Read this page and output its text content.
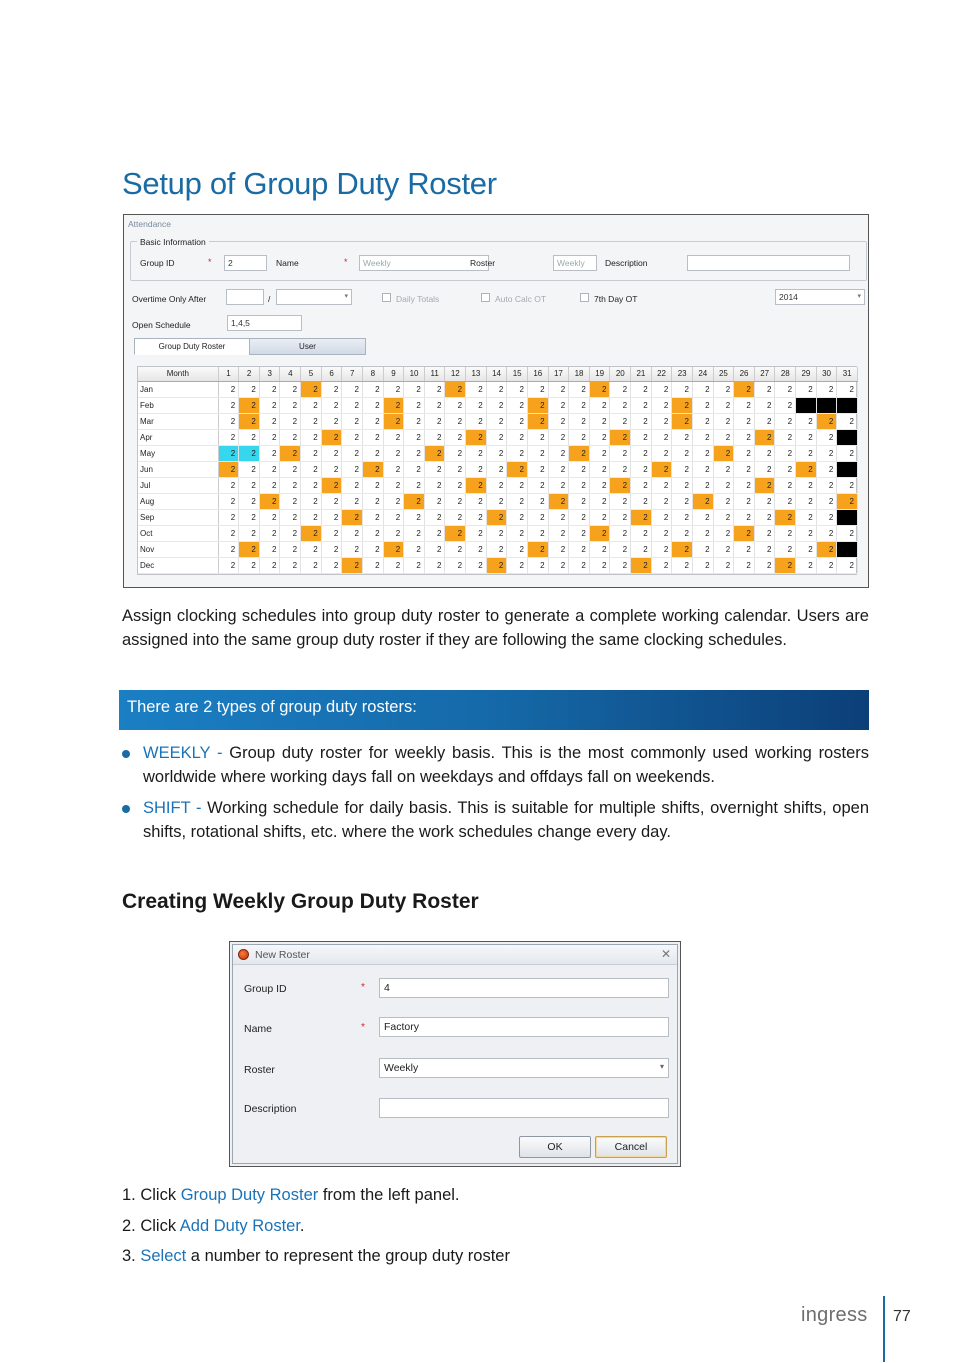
Setup of Group Duty Roster
Attendance
Basic Information
Group ID	*	2	Name	*	Weekly	Roster	Weekly	Description
Overtime Only After	/ ▾	Daily Totals	Auto Calc OT	7th Day OT	2014 ▾
Open Schedule	1,4,5
Group Duty Roster	User
Month	1	2	3	4	5	6	7	8	9	10	11	12	13	14	15	16	17	18	19	20	21	22	23	24	25	26	27	28	29	30	31
Jan	2	2	2	2	2	2	2	2	2	2	2	2	2	2	2	2	2	2	2	2	2	2	2	2	2	2	2	2	2	2	2
Feb	2	2	2	2	2	2	2	2	2	2	2	2	2	2	2	2	2	2	2	2	2	2	2	2	2	2	2	2			
Mar	2	2	2	2	2	2	2	2	2	2	2	2	2	2	2	2	2	2	2	2	2	2	2	2	2	2	2	2	2	2	2
Apr	2	2	2	2	2	2	2	2	2	2	2	2	2	2	2	2	2	2	2	2	2	2	2	2	2	2	2	2	2	2	
May	2	2	2	2	2	2	2	2	2	2	2	2	2	2	2	2	2	2	2	2	2	2	2	2	2	2	2	2	2	2	2
Jun	2	2	2	2	2	2	2	2	2	2	2	2	2	2	2	2	2	2	2	2	2	2	2	2	2	2	2	2	2	2	
Jul	2	2	2	2	2	2	2	2	2	2	2	2	2	2	2	2	2	2	2	2	2	2	2	2	2	2	2	2	2	2	2
Aug	2	2	2	2	2	2	2	2	2	2	2	2	2	2	2	2	2	2	2	2	2	2	2	2	2	2	2	2	2	2	2
Sep	2	2	2	2	2	2	2	2	2	2	2	2	2	2	2	2	2	2	2	2	2	2	2	2	2	2	2	2	2	2	
Oct	2	2	2	2	2	2	2	2	2	2	2	2	2	2	2	2	2	2	2	2	2	2	2	2	2	2	2	2	2	2	2
Nov	2	2	2	2	2	2	2	2	2	2	2	2	2	2	2	2	2	2	2	2	2	2	2	2	2	2	2	2	2	2	
Dec	2	2	2	2	2	2	2	2	2	2	2	2	2	2	2	2	2	2	2	2	2	2	2	2	2	2	2	2	2	2	2

Assign clocking schedules into group duty roster to generate a complete working calendar. Users are assigned into the same group duty roster if they are following the same clocking schedules.

There are 2 types of group duty rosters:

WEEKLY - Group duty roster for weekly basis. This is the most commonly used working rosters worldwide where working days fall on weekdays and offdays fall on weekends.

SHIFT - Working schedule for daily basis. This is suitable for multiple shifts, overnight shifts, open shifts, rotational shifts, etc. where the work schedules change every day.

Creating Weekly Group Duty Roster
New Roster	✕
Group ID	*	4
Name	*	Factory
Roster	Weekly ▾
Description
OK	Cancel
1. Click Group Duty Roster from the left panel.
2. Click Add Duty Roster.
3. Select a number to represent the group duty roster
ingress 77
